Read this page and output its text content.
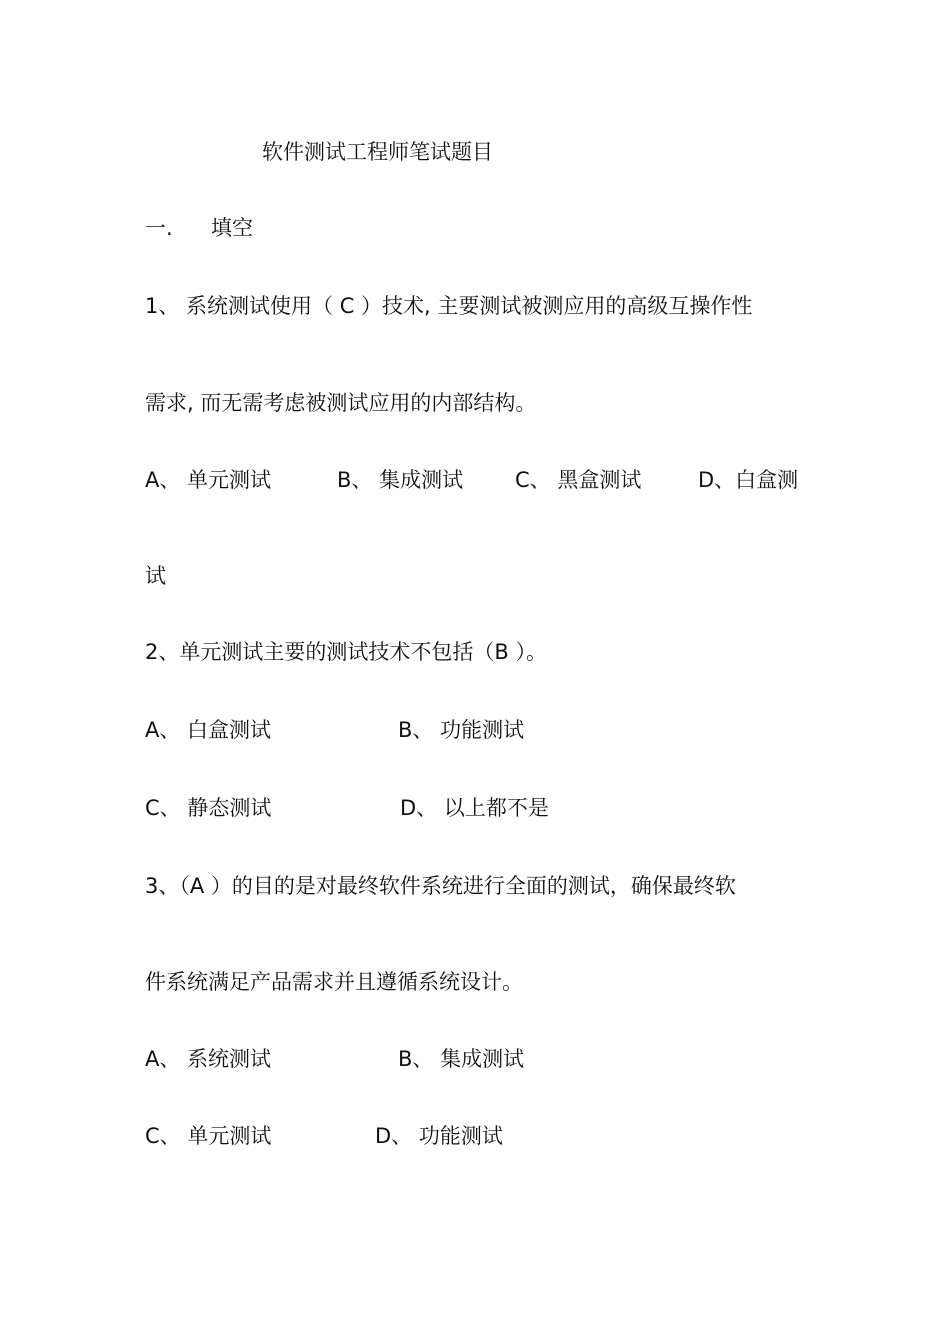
软件测试工程师笔试题目
一. 填空
1、 系统测试使用（ C ）技术, 主要测试被测应用的高级互操作性
需求, 而无需考虑被测试应用的内部结构。
A、 单元测试	B、 集成测试 C、 黑盒测试	D、白盒测
试
2、单元测试主要的测试技术不包括（B ）。
A、 白盒测试	B、 功能测试
C、 静态测试	D、 以上都不是
3、（A ）的目的是对最终软件系统进行全面的测试，确保最终软
件系统满足产品需求并且遵循系统设计。
A、 系统测试	B、 集成测试
C、 单元测试	D、 功能测试
